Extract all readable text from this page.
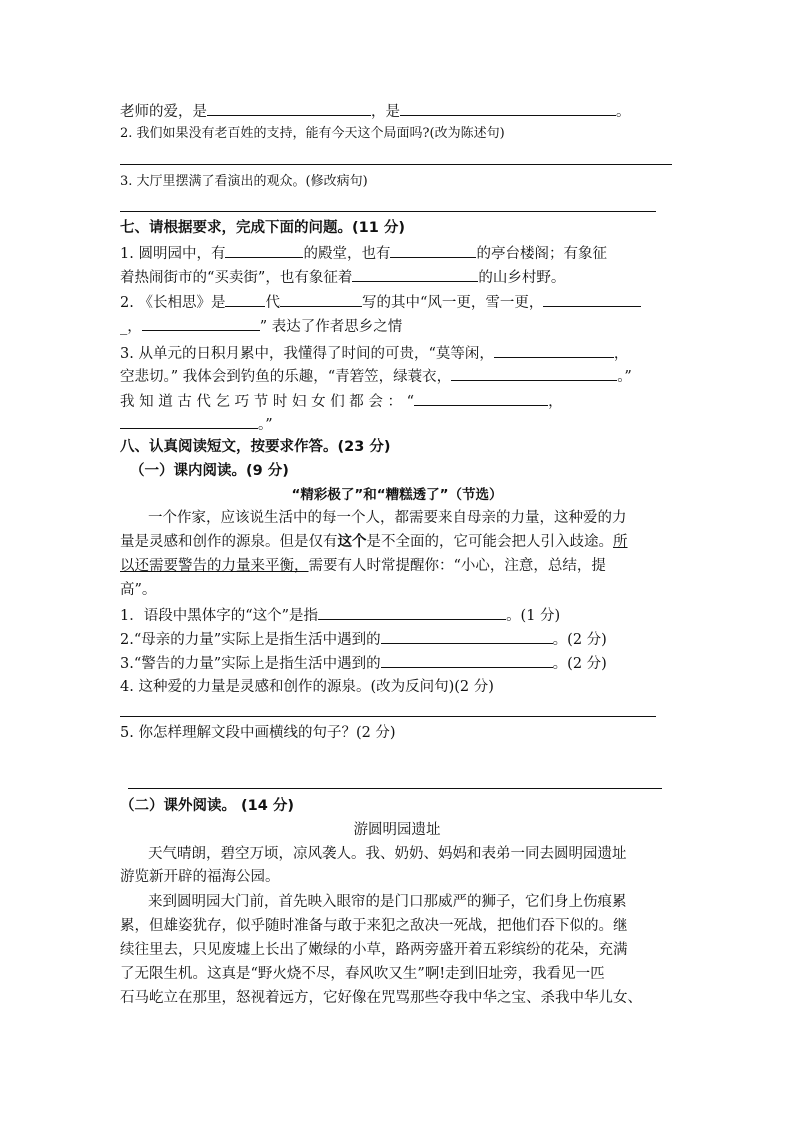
老师的爱，是	，是	。
2. 我们如果没有老百姓的支持，能有今天这个局面吗?(改为陈述句)
3. 大厅里摆满了看演出的观众。(修改病句)
七、请根据要求，完成下面的问题。(11 分)
1. 圆明园中，有	的殿堂，也有	的亭台楼阁；有象征
着热闹街市的“买卖街”，也有象征着	的山乡村野。
2. 《长相思》是	代	写的其中“风一更，雪一更，
_，	” 表达了作者思乡之情
3. 从单元的日积月累中，我懂得了时间的可贵，“莫等闲，	，
空悲切。” 我体会到钓鱼的乐趣，“青箬笠，绿蓑衣，	。”
我 知 道 古 代 乞 巧 节 时 妇 女 们 都 会 ： “	，
。”
八、认真阅读短文，按要求作答。(23 分)
（一）课内阅读。(9 分)
“精彩极了”和“糟糕透了”（节选）
一个作家，应该说生活中的每一个人，都需要来自母亲的力量，这种爱的力
量是灵感和创作的源泉。但是仅有这个是不全面的，它可能会把人引入歧途。所
以还需要警告的力量来平衡，需要有人时常提醒你：“小心，注意，总结，提
高”。
1．语段中黑体字的“这个”是指	。(1 分)
2.“母亲的力量”实际上是指生活中遇到的	。(2 分)
3.“警告的力量”实际上是指生活中遇到的	。(2 分)
4. 这种爱的力量是灵感和创作的源泉。(改为反问句)(2 分)
5. 你怎样理解文段中画横线的句子？(2 分)
（二）课外阅读。 (14 分)
游圆明园遗址
天气晴朗，碧空万顷，凉风袭人。我、奶奶、妈妈和表弟一同去圆明园遗址
游览新开辟的福海公园。
来到圆明园大门前，首先映入眼帘的是门口那威严的狮子，它们身上伤痕累
累，但雄姿犹存，似乎随时准备与敢于来犯之敌决一死战，把他们吞下似的。继
续往里去，只见废墟上长出了嫩绿的小草，路两旁盛开着五彩缤纷的花朵，充满
了无限生机。这真是“野火烧不尽，春风吹又生”啊!走到旧址旁，我看见一匹
石马屹立在那里，怒视着远方，它好像在咒骂那些夺我中华之宝、杀我中华儿女、
